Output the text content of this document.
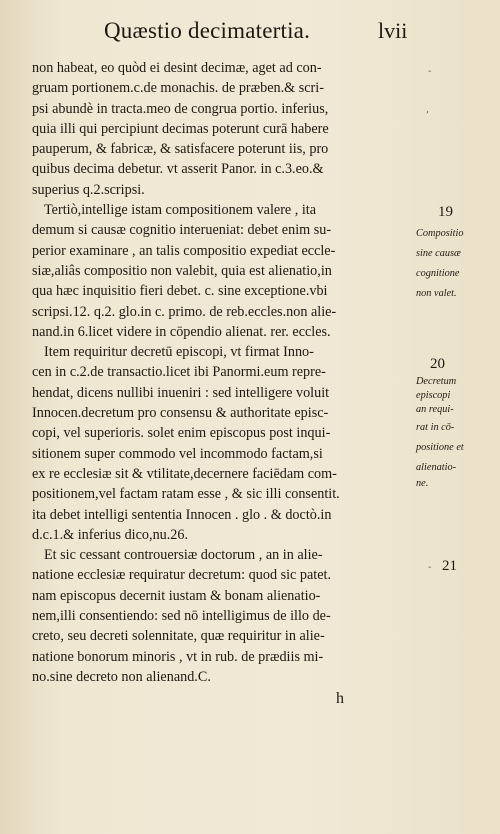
Quæstio decimatertia.	lvii
non habeat, eo quòd ei desint decimæ, aget ad con-
gruam portionem.c.de monachis. de præben.& scri-
psi abundè in tracta.meo de congrua portio. inferius,
quia illi qui percipiunt decimas poterunt curā habere
pauperum, & fabricæ, & satisfacere poterunt iis, pro
quibus decima debetur. vt asserit Panor. in c.3.eo.&
superius q.2.scripsi.
Tertiò,intellige istam compositionem valere , ita
demum si causæ cognitio interueniat: debet enim su-
perior examinare , an talis compositio expediat eccle-
siæ,aliâs compositio non valebit, quia est alienatio,in
qua hæc inquisitio fieri debet. c. sine exceptione.vbi
scripsi.12. q.2. glo.in c. primo. de reb.eccles.non alie-
nand.in 6.licet videre in cōpendio alienat. rer. eccles.
Item requiritur decretū episcopi, vt firmat Inno-
cen in c.2.de transactio.licet ibi Panormi.eum repre-
hendat, dicens nullibi inueniri : sed intelligere voluit
Innocen.decretum pro consensu & authoritate episc-
copi, vel superioris. solet enim episcopus post inqui-
sitionem super commodo vel incommodo factam,si
ex re ecclesiæ sit & vtilitate,decernere faciēdam com-
positionem,vel factam ratam esse , & sic illi consentit.
ita debet intelligi sententia Innocen . glo . & doctò.in
d.c.1.& inferius dico,nu.26.
Et sic cessant controuersiæ doctorum , an in alie-
natione ecclesiæ requiratur decretum: quod sic patet.
nam episcopus decernit iustam & bonam alienatio-
nem,illi consentiendo: sed nō intelligimus de illo de-
creto, seu decreti solennitate, quæ requiritur in alie-
natione bonorum minoris , vt in rub. de prædiis mi-
no.sine decreto non alienand.C.
19
Compositio
sine causæ
cognitione
non valet.
20
Decretum
episcopi
an requi-
rat in cō-
positione et
alienatio-
ne.
21
-
,
-
h
